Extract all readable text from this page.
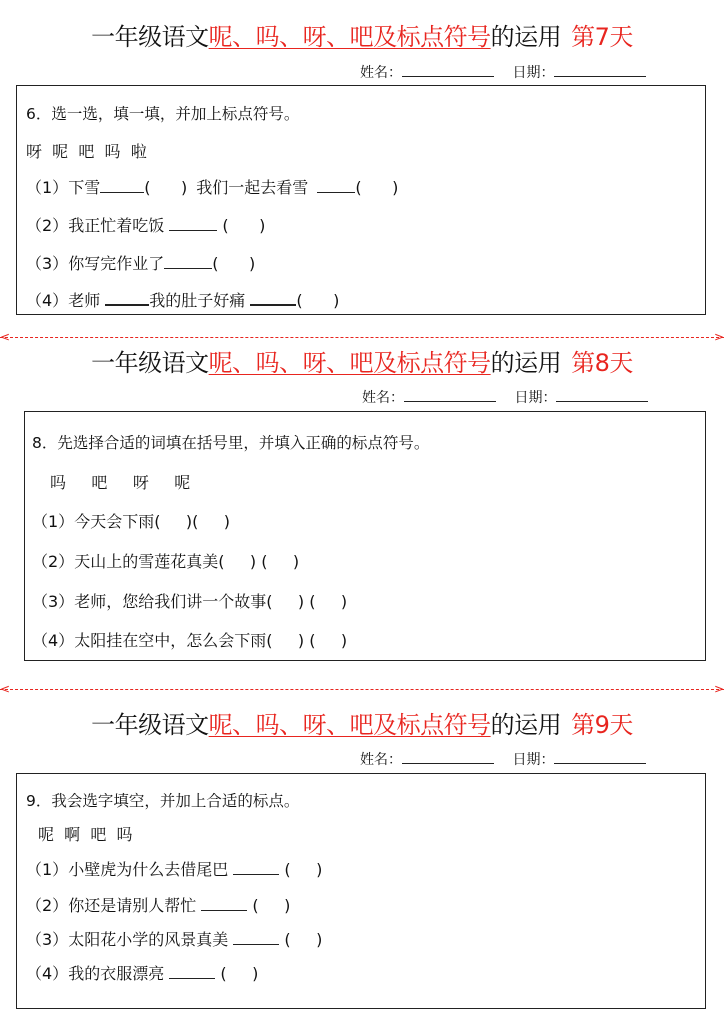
一年级语文呢、吗、呀、吧及标点符号的运用 第7天
姓名：	日期：
6．选一选，填一填，并加上标点符号。
呀  呢  吧  吗  啦
（1）下雪	(      ) 我们一起去看雪	(      )
（2）我正忙着吃饭	(      )
（3）你写完作业了	(      )
（4）老师	我的肚子好痛	(      )
<	>
一年级语文呢、吗、呀、吧及标点符号的运用 第8天
姓名：	日期：
8．先选择合适的词填在括号里，并填入正确的标点符号。
吗     吧     呀     呢
（1）今天会下雨(     )(     )
（2）天山上的雪莲花真美(     ) (     )
（3）老师，您给我们讲一个故事(     ) (     )
（4）太阳挂在空中，怎么会下雨(     ) (     )
<	>
一年级语文呢、吗、呀、吧及标点符号的运用 第9天
姓名：	日期：
9．我会选字填空，并加上合适的标点。
呢  啊  吧  吗
（1）小壁虎为什么去借尾巴	(     )
（2）你还是请别人帮忙	(     )
（3）太阳花小学的风景真美	(     )
（4）我的衣服漂亮	(     )
